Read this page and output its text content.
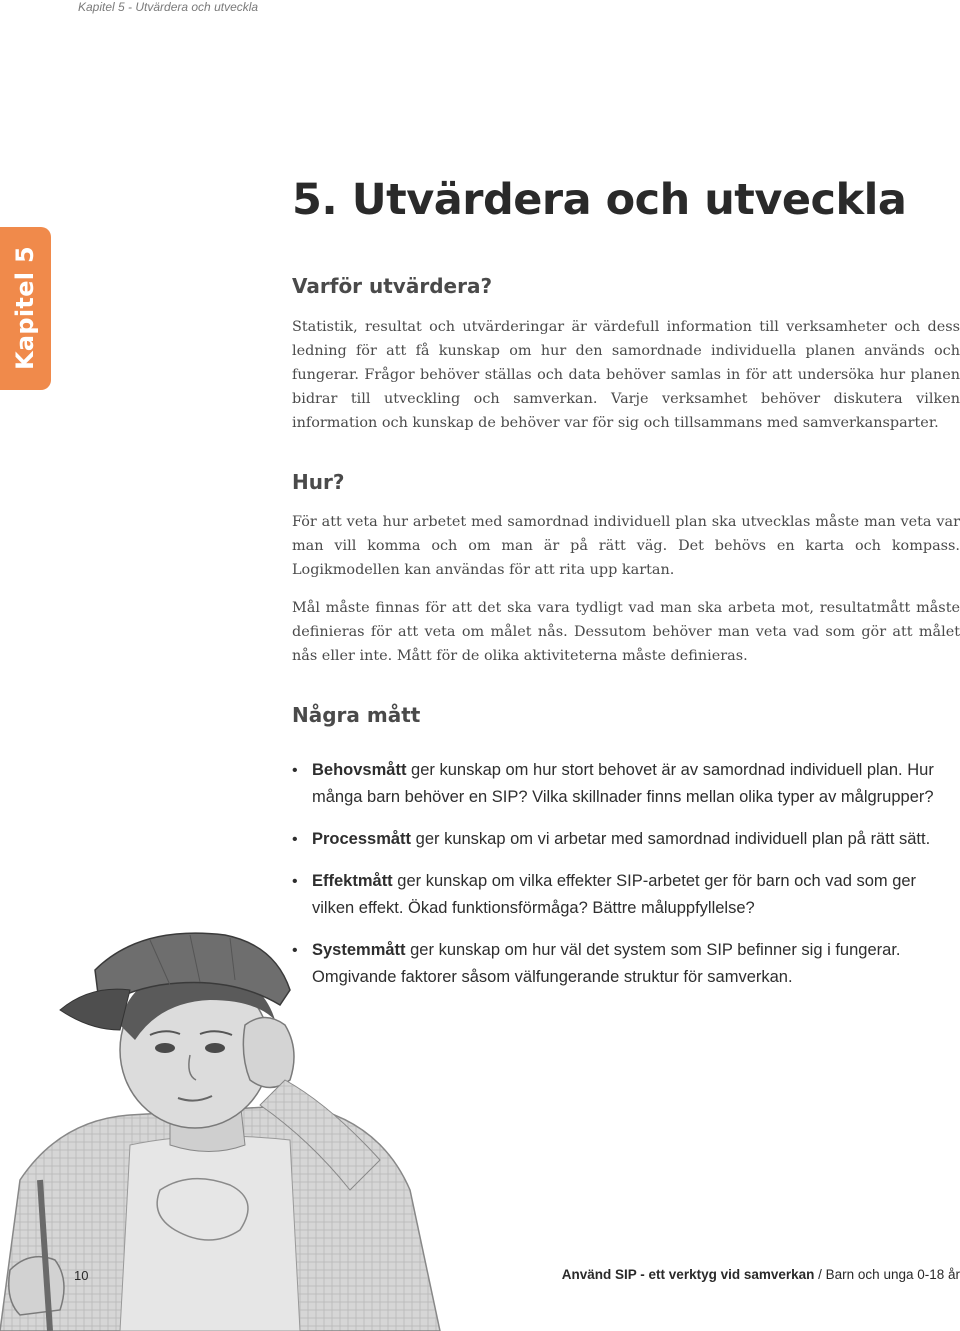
Kapitel 5 - Utvärdera och utveckla
Kapitel 5
5. Utvärdera och utveckla
Varför utvärdera?

Statistik, resultat och utvärderingar är värdefull information till verksamheter och dess ledning för att få kunskap om hur den samordnade individuella planen används och fungerar. Frågor behöver ställas och data behöver samlas in för att undersöka hur planen bidrar till utveckling och samverkan. Varje verksamhet behöver diskutera vilken information och kunskap de behöver var för sig och tillsammans med samverkansparter.

Hur?

För att veta hur arbetet med samordnad individuell plan ska utvecklas måste man veta var man vill komma och om man är på rätt väg. Det behövs en karta och kompass. Logikmodellen kan användas för att rita upp kartan.

Mål måste finnas för att det ska vara tydligt vad man ska arbeta mot, resultatmått måste definieras för att veta om målet nås. Dessutom behöver man veta vad som gör att målet nås eller inte. Mått för de olika aktiviteterna måste definieras.

Några mått
• Behovsmått ger kunskap om hur stort behovet är av samordnad individuell plan. Hur många barn behöver en SIP? Vilka skillnader finns mellan olika typer av målgrupper?
• Processmått ger kunskap om vi arbetar med samordnad individuell plan på rätt sätt.
• Effektmått ger kunskap om vilka effekter SIP-arbetet ger för barn och vad som ger vilken effekt. Ökad funktionsförmåga? Bättre måluppfyllelse?
• Systemmått ger kunskap om hur väl det system som SIP befinner sig i fungerar. Omgivande faktorer såsom välfungerande struktur för samverkan.
10	Använd SIP - ett verktyg vid samverkan / Barn och unga 0-18 år
